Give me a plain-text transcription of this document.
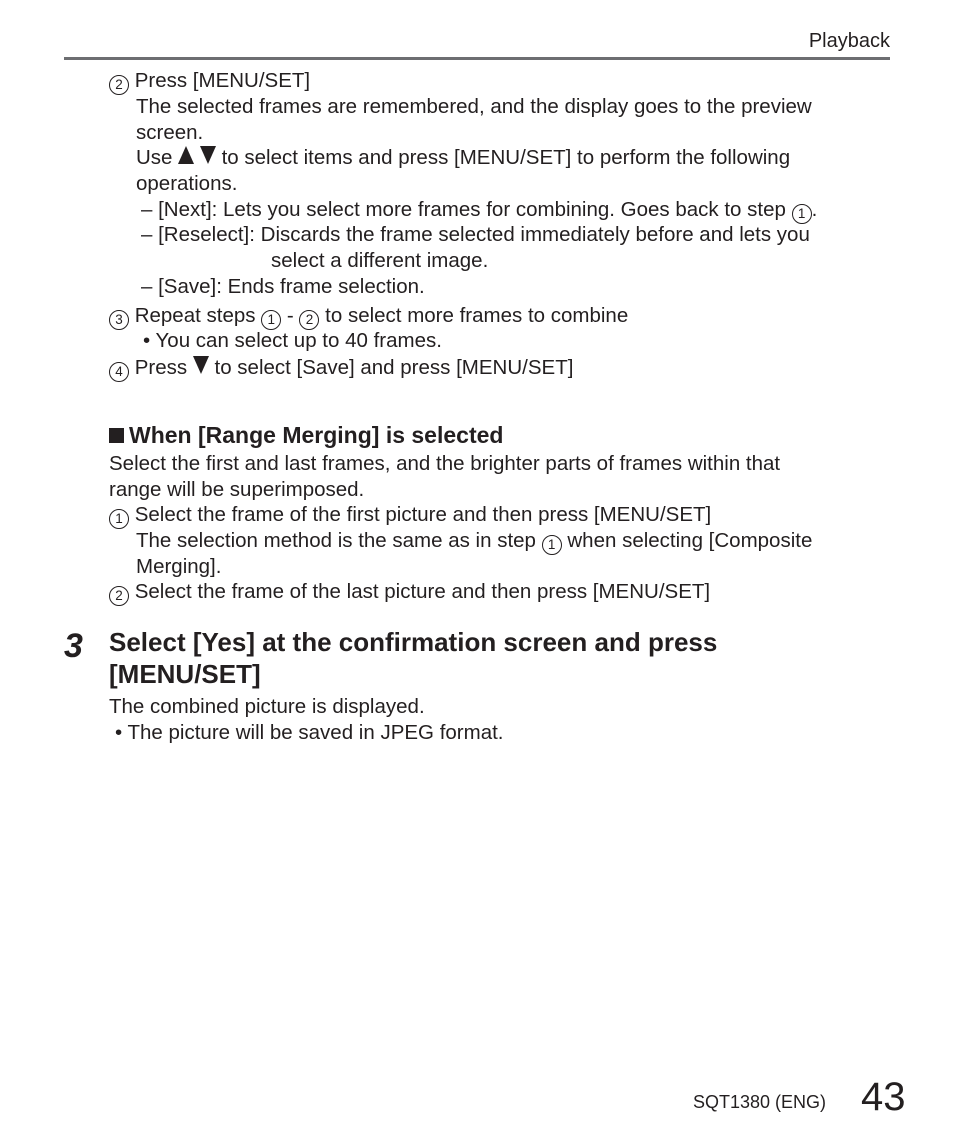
Playback
2 Press [MENU/SET]
The selected frames are remembered, and the display goes to the preview
screen.
Use to select items and press [MENU/SET] to perform the following
operations.
– [Next]: Lets you select more frames for combining. Goes back to step 1 .
– [Reselect]: Discards the frame selected immediately before and lets you
select a different image.
– [Save]: Ends frame selection.
3 Repeat steps 1 - 2 to select more frames to combine
• You can select up to 40 frames.
4 Press to select [Save] and press [MENU/SET]
When [Range Merging] is selected
Select the first and last frames, and the brighter parts of frames within that
range will be superimposed.
1 Select the frame of the first picture and then press [MENU/SET]
The selection method is the same as in step 1 when selecting [Composite
Merging].
2 Select the frame of the last picture and then press [MENU/SET]
3 Select [Yes] at the confirmation screen and press
[MENU/SET]
The combined picture is displayed.
• The picture will be saved in JPEG format.
SQT1380 (ENG) 43
